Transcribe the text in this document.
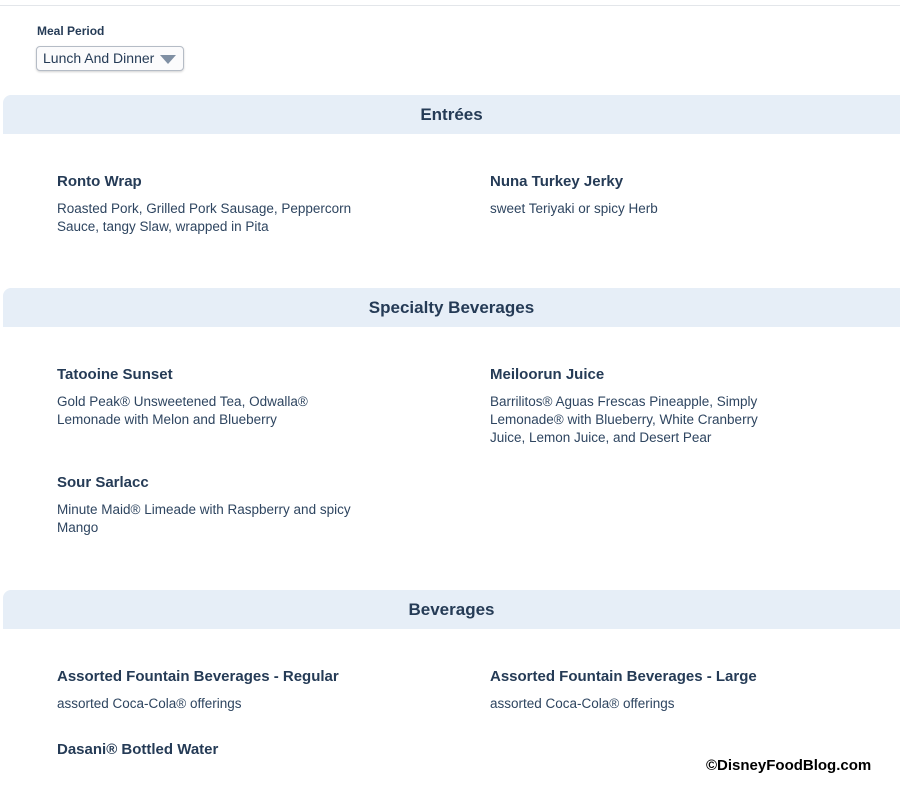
Meal Period
Lunch And Dinner
Entrées
Ronto Wrap
Roasted Pork, Grilled Pork Sausage, Peppercorn Sauce, tangy Slaw, wrapped in Pita
Nuna Turkey Jerky
sweet Teriyaki or spicy Herb
Specialty Beverages
Tatooine Sunset
Gold Peak® Unsweetened Tea, Odwalla® Lemonade with Melon and Blueberry
Meiloorun Juice
Barrilitos® Aguas Frescas Pineapple, Simply Lemonade® with Blueberry, White Cranberry Juice, Lemon Juice, and Desert Pear
Sour Sarlacc
Minute Maid® Limeade with Raspberry and spicy Mango
Beverages
Assorted Fountain Beverages - Regular
assorted Coca-Cola® offerings
Assorted Fountain Beverages - Large
assorted Coca-Cola® offerings
Dasani® Bottled Water
©DisneyFoodBlog.com
